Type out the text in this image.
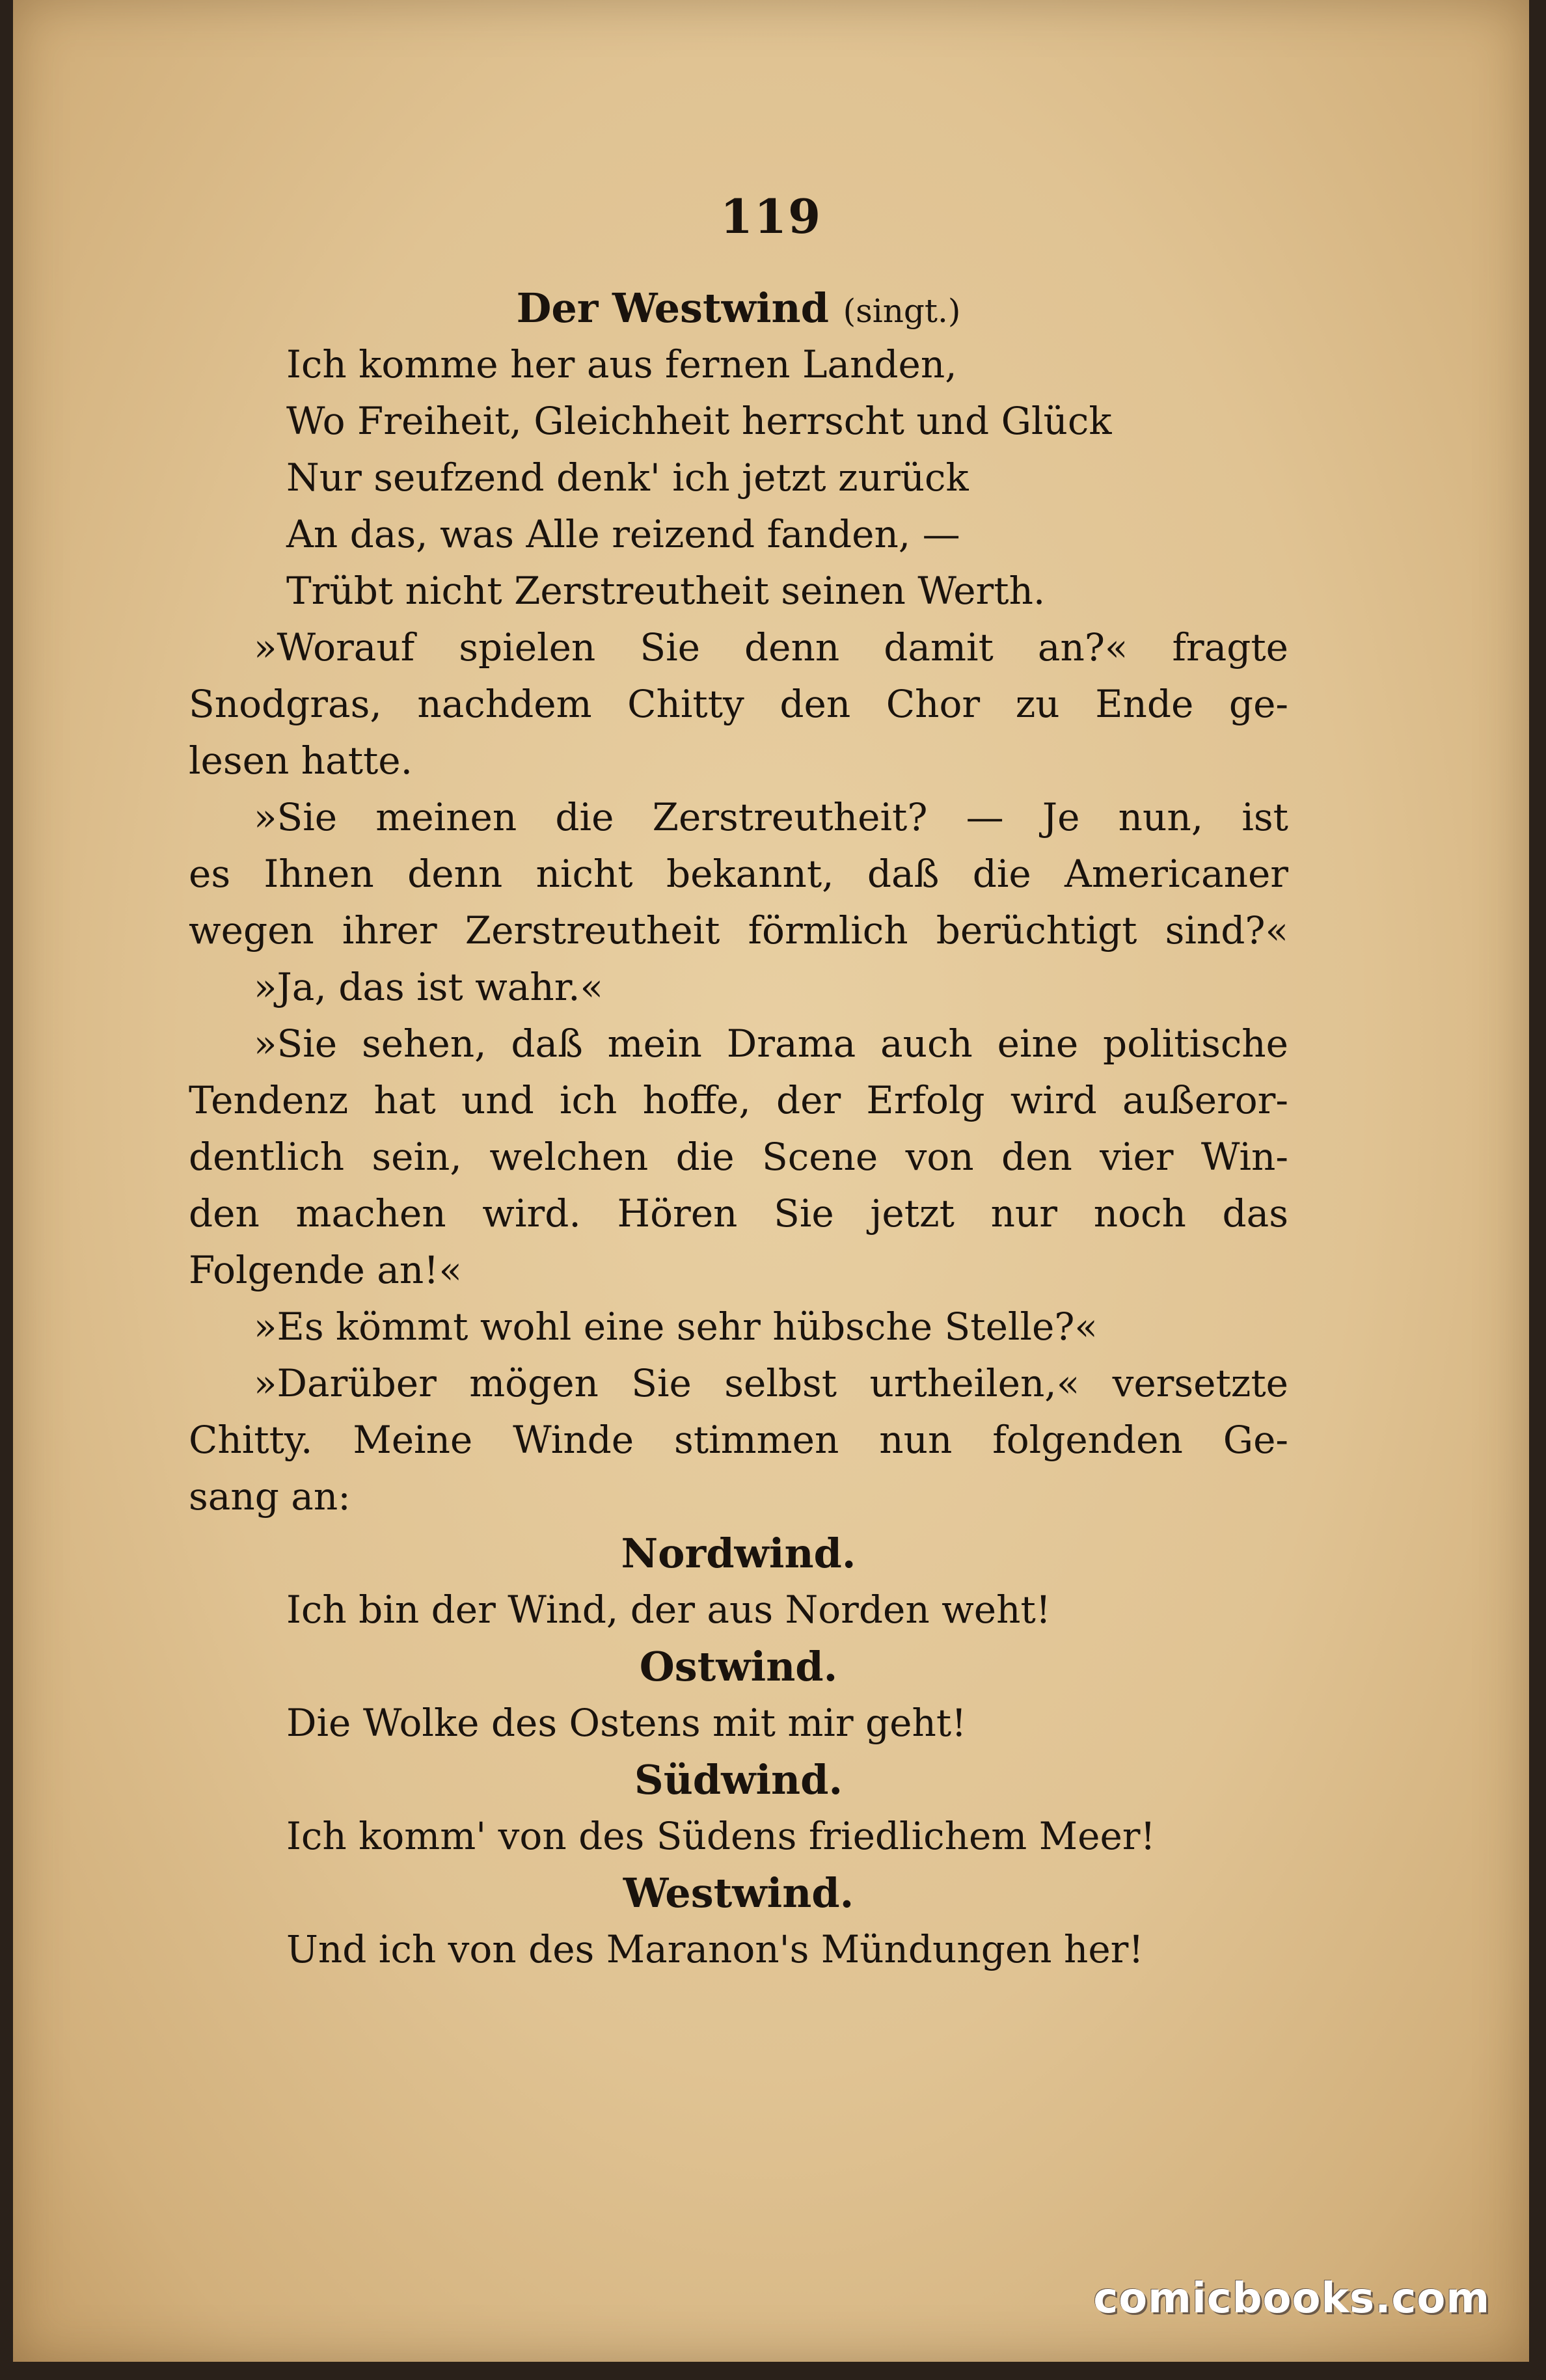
119
Der Westwind (singt.)
Ich komme her aus fernen Landen,
Wo Freiheit, Gleichheit herrscht und Glück
Nur seufzend denk' ich jetzt zurück
An das, was Alle reizend fanden, —
Trübt nicht Zerstreutheit seinen Werth.
»Worauf spielen Sie denn damit an?« fragte
Snodgras, nachdem Chitty den Chor zu Ende ge-
lesen hatte.
»Sie meinen die Zerstreutheit? — Je nun, ist
es Ihnen denn nicht bekannt, daß die Americaner
wegen ihrer Zerstreutheit förmlich berüchtigt sind?«
»Ja, das ist wahr.«
»Sie sehen, daß mein Drama auch eine politische
Tendenz hat und ich hoffe, der Erfolg wird außeror-
dentlich sein, welchen die Scene von den vier Win-
den machen wird. Hören Sie jetzt nur noch das
Folgende an!«
»Es kömmt wohl eine sehr hübsche Stelle?«
»Darüber mögen Sie selbst urtheilen,« versetzte
Chitty. Meine Winde stimmen nun folgenden Ge-
sang an:
Nordwind.
Ich bin der Wind, der aus Norden weht!
Ostwind.
Die Wolke des Ostens mit mir geht!
Südwind.
Ich komm' von des Südens friedlichem Meer!
Westwind.
Und ich von des Maranon's Mündungen her!
comicbooks.com
